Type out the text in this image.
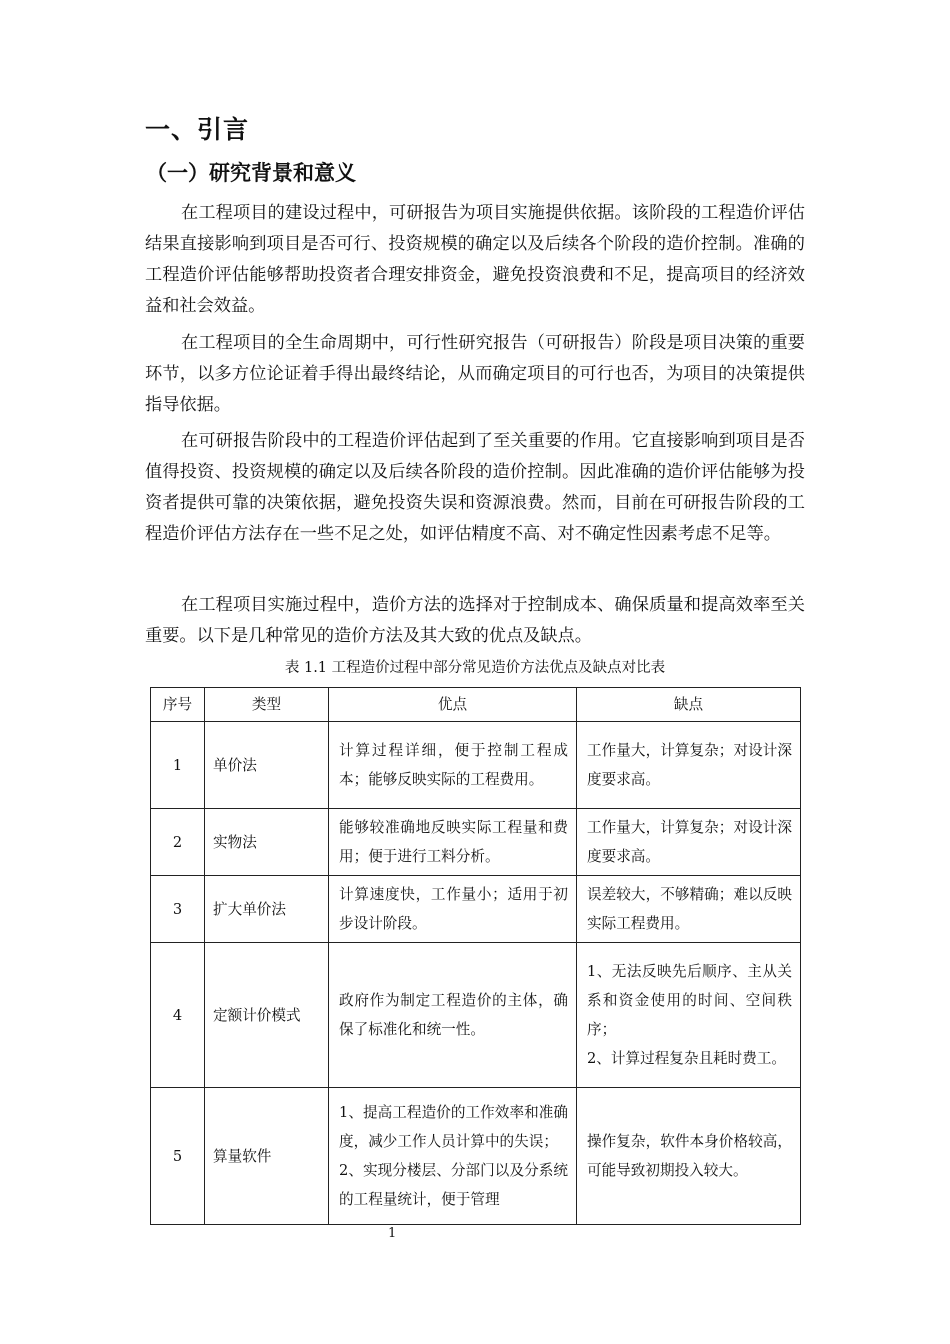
一、引言
（一）研究背景和意义

在工程项目的建设过程中，可研报告为项目实施提供依据。该阶段的工程造价评估结果直接影响到项目是否可行、投资规模的确定以及后续各个阶段的造价控制。准确的工程造价评估能够帮助投资者合理安排资金，避免投资浪费和不足，提高项目的经济效益和社会效益。

在工程项目的全生命周期中，可行性研究报告（可研报告）阶段是项目决策的重要环节，以多方位论证着手得出最终结论，从而确定项目的可行也否，为项目的决策提供指导依据。

在可研报告阶段中的工程造价评估起到了至关重要的作用。它直接影响到项目是否值得投资、投资规模的确定以及后续各阶段的造价控制。因此准确的造价评估能够为投资者提供可靠的决策依据，避免投资失误和资源浪费。然而，目前在可研报告阶段的工程造价评估方法存在一些不足之处，如评估精度不高、对不确定性因素考虑不足等。

在工程项目实施过程中，造价方法的选择对于控制成本、确保质量和提高效率至关重要。以下是几种常见的造价方法及其大致的优点及缺点。

表 1.1 工程造价过程中部分常见造价方法优点及缺点对比表

序号	类型	优点	缺点
1	单价法	计算过程详细，便于控制工程成本；能够反映实际的工程费用。	工作量大，计算复杂；对设计深度要求高。

2	实物法	能够较准确地反映实际工程量和费用；便于进行工料分析。	工作量大，计算复杂；对设计深度要求高。

3	扩大单价法	计算速度快，工作量小；适用于初步设计阶段。	误差较大，不够精确；难以反映实际工程费用。

4	定额计价模式	政府作为制定工程造价的主体，确保了标准化和统一性。	1、无法反映先后顺序、主从关系和资金使用的时间、空间秩序；
2、计算过程复杂且耗时费工。

5	算量软件	1、提高工程造价的工作效率和准确度，减少工作人员计算中的失误；
2、实现分楼层、分部门以及分系统的工程量统计，便于管理	操作复杂，软件本身价格较高，可能导致初期投入较大。

1
